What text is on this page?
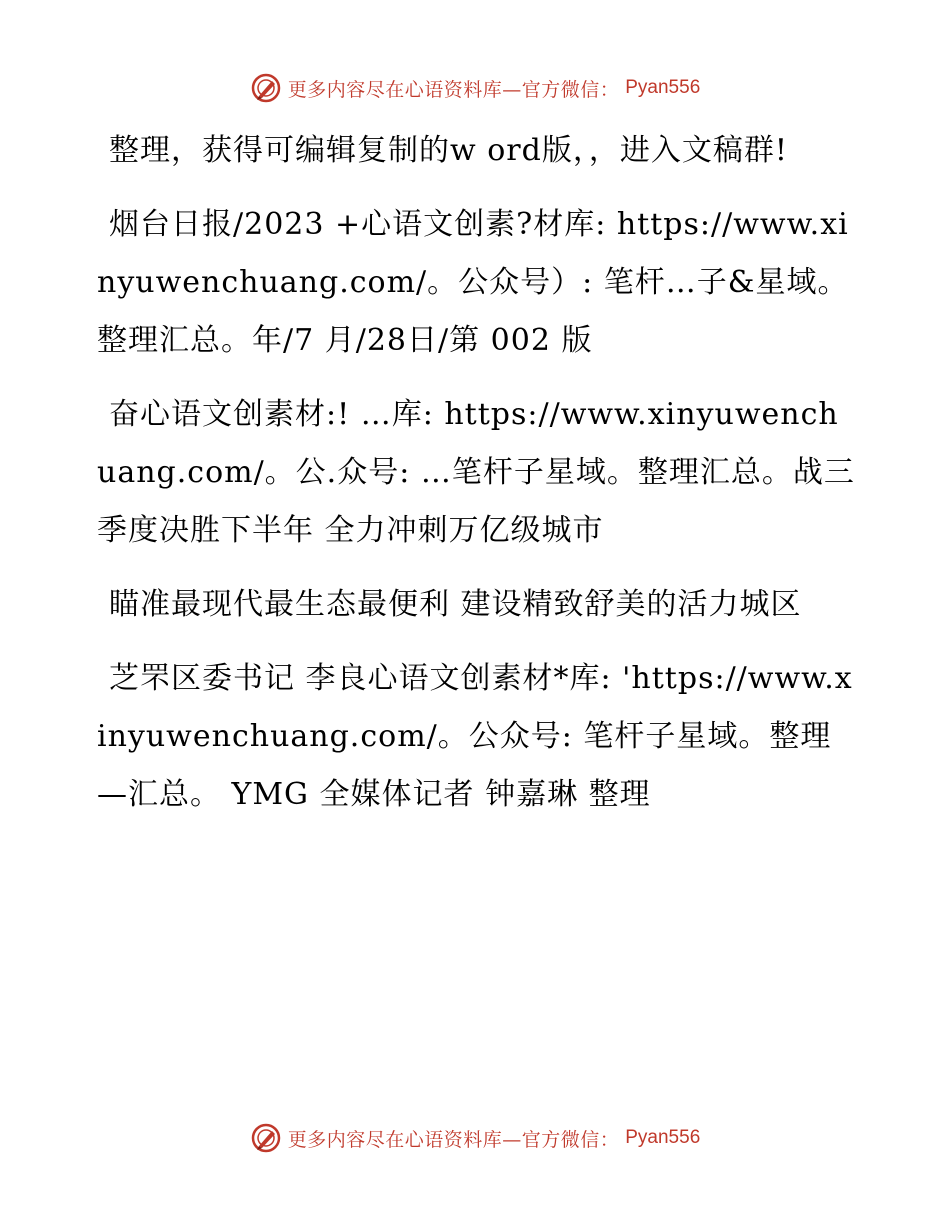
更多内容尽在心语资料库—官方微信： Pyan556

整理，获得可编辑复制的w ord版，，进入文稿群!

烟台日报/2023 +心语文创素?材库: https://www.xinyuwenchuang.com/。公众号）: 笔杆…子&星域。整理汇总。年/7 月/28日/第 002 版

奋心语文创素材:! …库: https://www.xinyuwenchuang.com/。公.众号: …笔杆子星域。整理汇总。战三季度决胜下半年 全力冲刺万亿级城市

瞄准最现代最生态最便利 建设精致舒美的活力城区

芝罘区委书记 李良心语文创素材*库: 'https://www.xinyuwenchuang.com/。公众号: 笔杆子星域。整理—汇总。 YMG 全媒体记者 钟嘉琳 整理

更多内容尽在心语资料库—官方微信： Pyan556
